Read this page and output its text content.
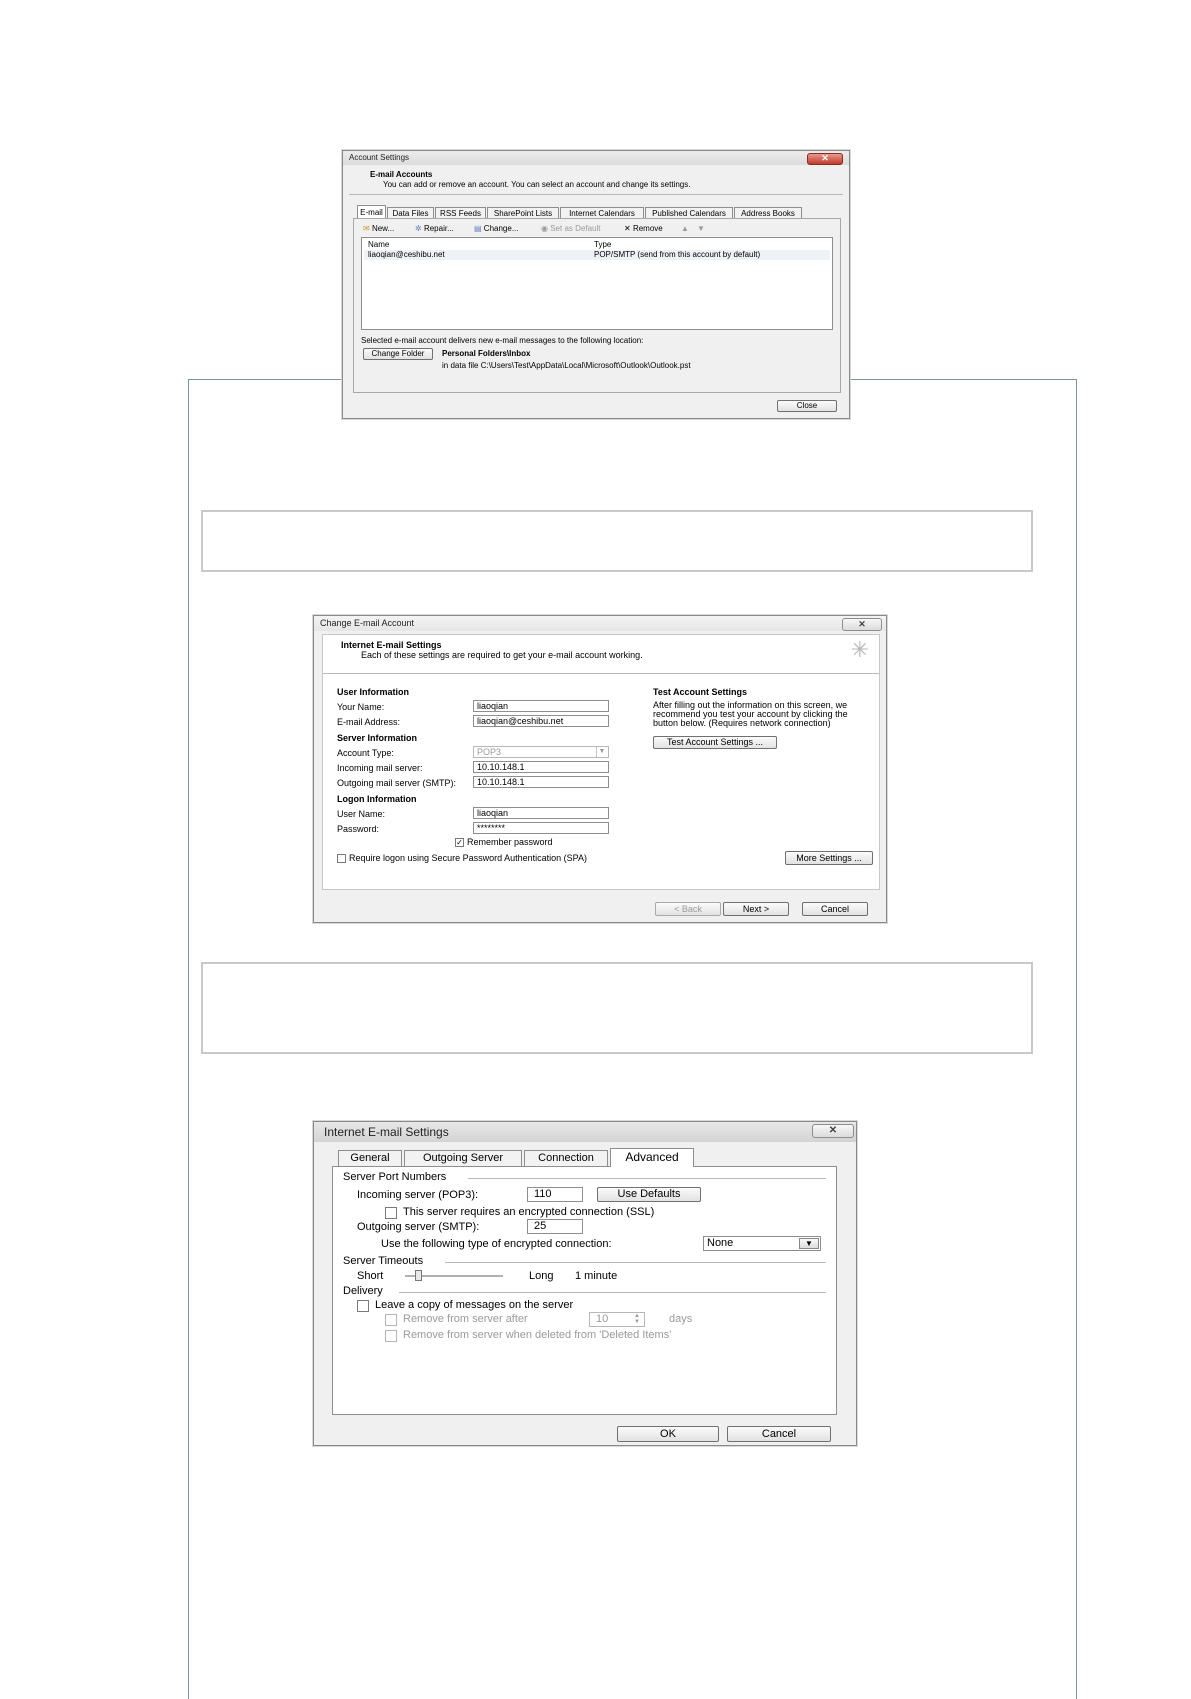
Account Settings	✕
E-mail Accounts
You can add or remove an account. You can select an account and change its settings.
E-mail	Data Files	RSS Feeds	SharePoint Lists	Internet Calendars	Published Calendars	Address Books
✉ New...	✲ Repair...	▤ Change...	◉ Set as Default	✕ Remove ▲ ▼
Name	Type
liaoqian@ceshibu.net	POP/SMTP (send from this account by default)
Selected e-mail account delivers new e-mail messages to the following location:
Change Folder	Personal Folders\Inbox
in data file C:\Users\Test\AppData\Local\Microsoft\Outlook\Outlook.pst
Close
Change E-mail Account	✕
Internet E-mail Settings
Each of these settings are required to get your e-mail account working.	✳
User Information
Your Name:	liaoqian
E-mail Address:	liaoqian@ceshibu.net
Server Information
Account Type:	POP3	▼
Incoming mail server:	10.10.148.1
Outgoing mail server (SMTP):	10.10.148.1
Logon Information
User Name:	liaoqian
Password:	********
✓ Remember password
Require logon using Secure Password Authentication (SPA)
Test Account Settings
After filling out the information on this screen, we
recommend you test your account by clicking the
button below. (Requires network connection)
Test Account Settings ...
More Settings ...
< Back	Next >	Cancel
Internet E-mail Settings	✕
General	Outgoing Server	Connection	Advanced
Server Port Numbers
Incoming server (POP3):	110	Use Defaults
This server requires an encrypted connection (SSL)
Outgoing server (SMTP):	25
Use the following type of encrypted connection:	None	▼
Server Timeouts
Short	Long 1 minute
Delivery
Leave a copy of messages on the server
Remove from server after	10	▲
▼	days
Remove from server when deleted from 'Deleted Items'
OK	Cancel
